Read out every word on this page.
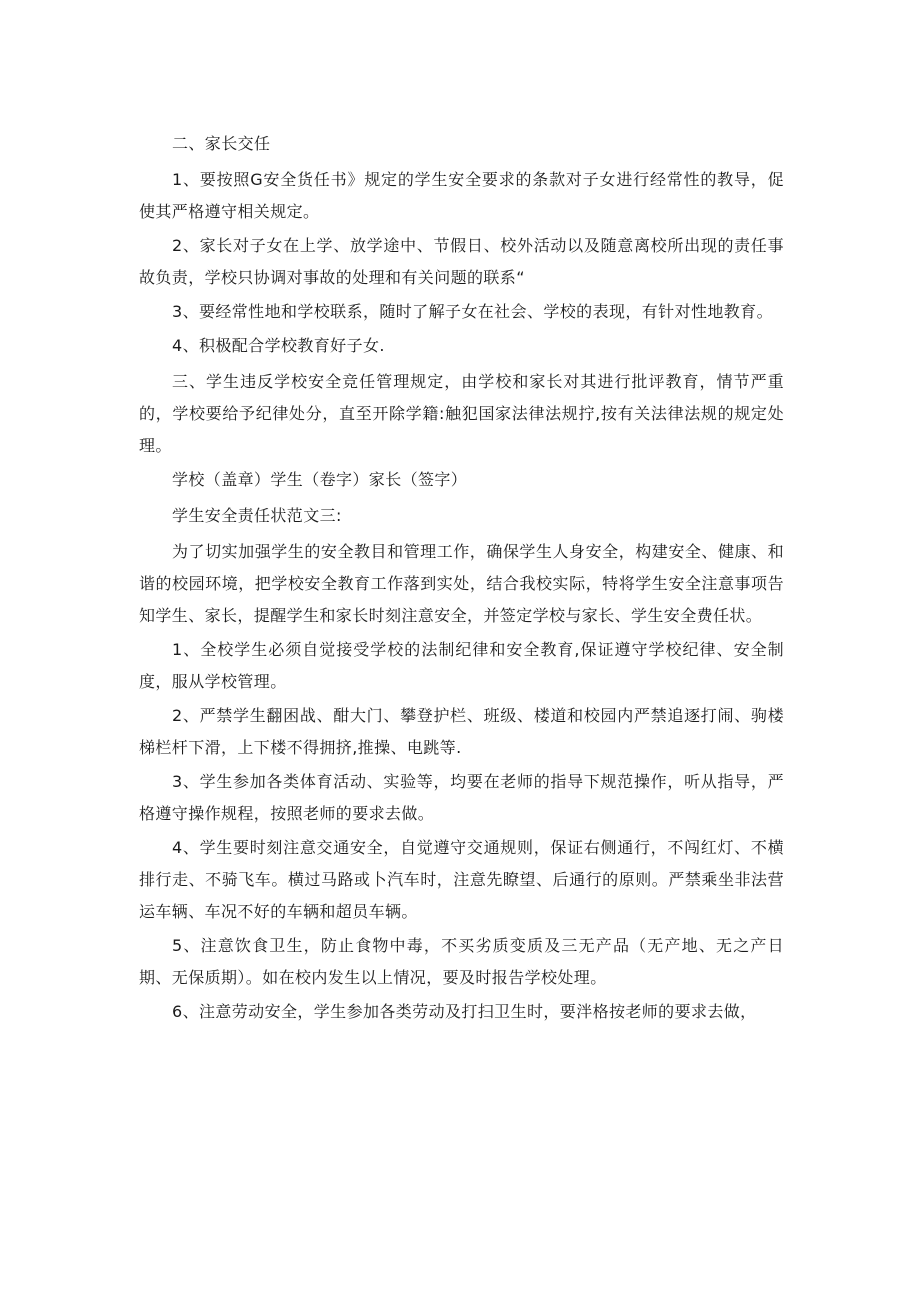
二、家长交任

1、要按照G安全货任书》规定的学生安全要求的条款对子女进行经常性的教导，促使其严格遵守相关规定。

2、家长对子女在上学、放学途中、节假日、校外活动以及随意离校所出现的责任事故负责，学校只协调对事故的处理和有关问题的联系“

3、要经常性地和学校联系，随时了解子女在社会、学校的表现，有针对性地教育。

4、积极配合学校教育好子女.

三、学生违反学校安全竞任管理规定，由学校和家长对其进行批评教育，情节严重的，学校要给予纪律处分，直至开除学籍:触犯国家法律法规拧,按有关法律法规的规定处理。

学校（盖章）学生（卷字）家长（签字）

学生安全责任状范文三:

为了切实加强学生的安全教目和管理工作，确保学生人身安全，构建安全、健康、和谐的校园环境，把学校安全教育工作落到实处，结合我校实际，特将学生安全注意事项告知学生、家长，提醒学生和家长时刻注意安全，并签定学校与家长、学生安全费任状。

1、全校学生必须自觉接受学校的法制纪律和安全教育,保证遵守学校纪律、安全制度，服从学校管理。

2、严禁学生翻困战、酣大门、攀登护栏、班级、楼道和校园内严禁追逐打闹、驹楼梯栏杆下滑，上下楼不得拥挤,推操、电跳等.

3、学生参加各类体育活动、实验等，均要在老师的指导下规范操作，听从指导，严格遵守操作规程，按照老师的要求去做。

4、学生要时刻注意交通安全，自觉遵守交通规则，保证右侧通行，不闯红灯、不横排行走、不骑飞车。横过马路或卜汽车时，注意先瞭望、后通行的原则。严禁乘坐非法营运车辆、车况不好的车辆和超员车辆。

5、注意饮食卫生，防止食物中毒，不买劣质变质及三无产品（无产地、无之产日期、无保质期）。如在校内发生以上情况，要及时报告学校处理。

6、注意劳动安全，学生参加各类劳动及打扫卫生时，要泮格按老师的要求去做，
